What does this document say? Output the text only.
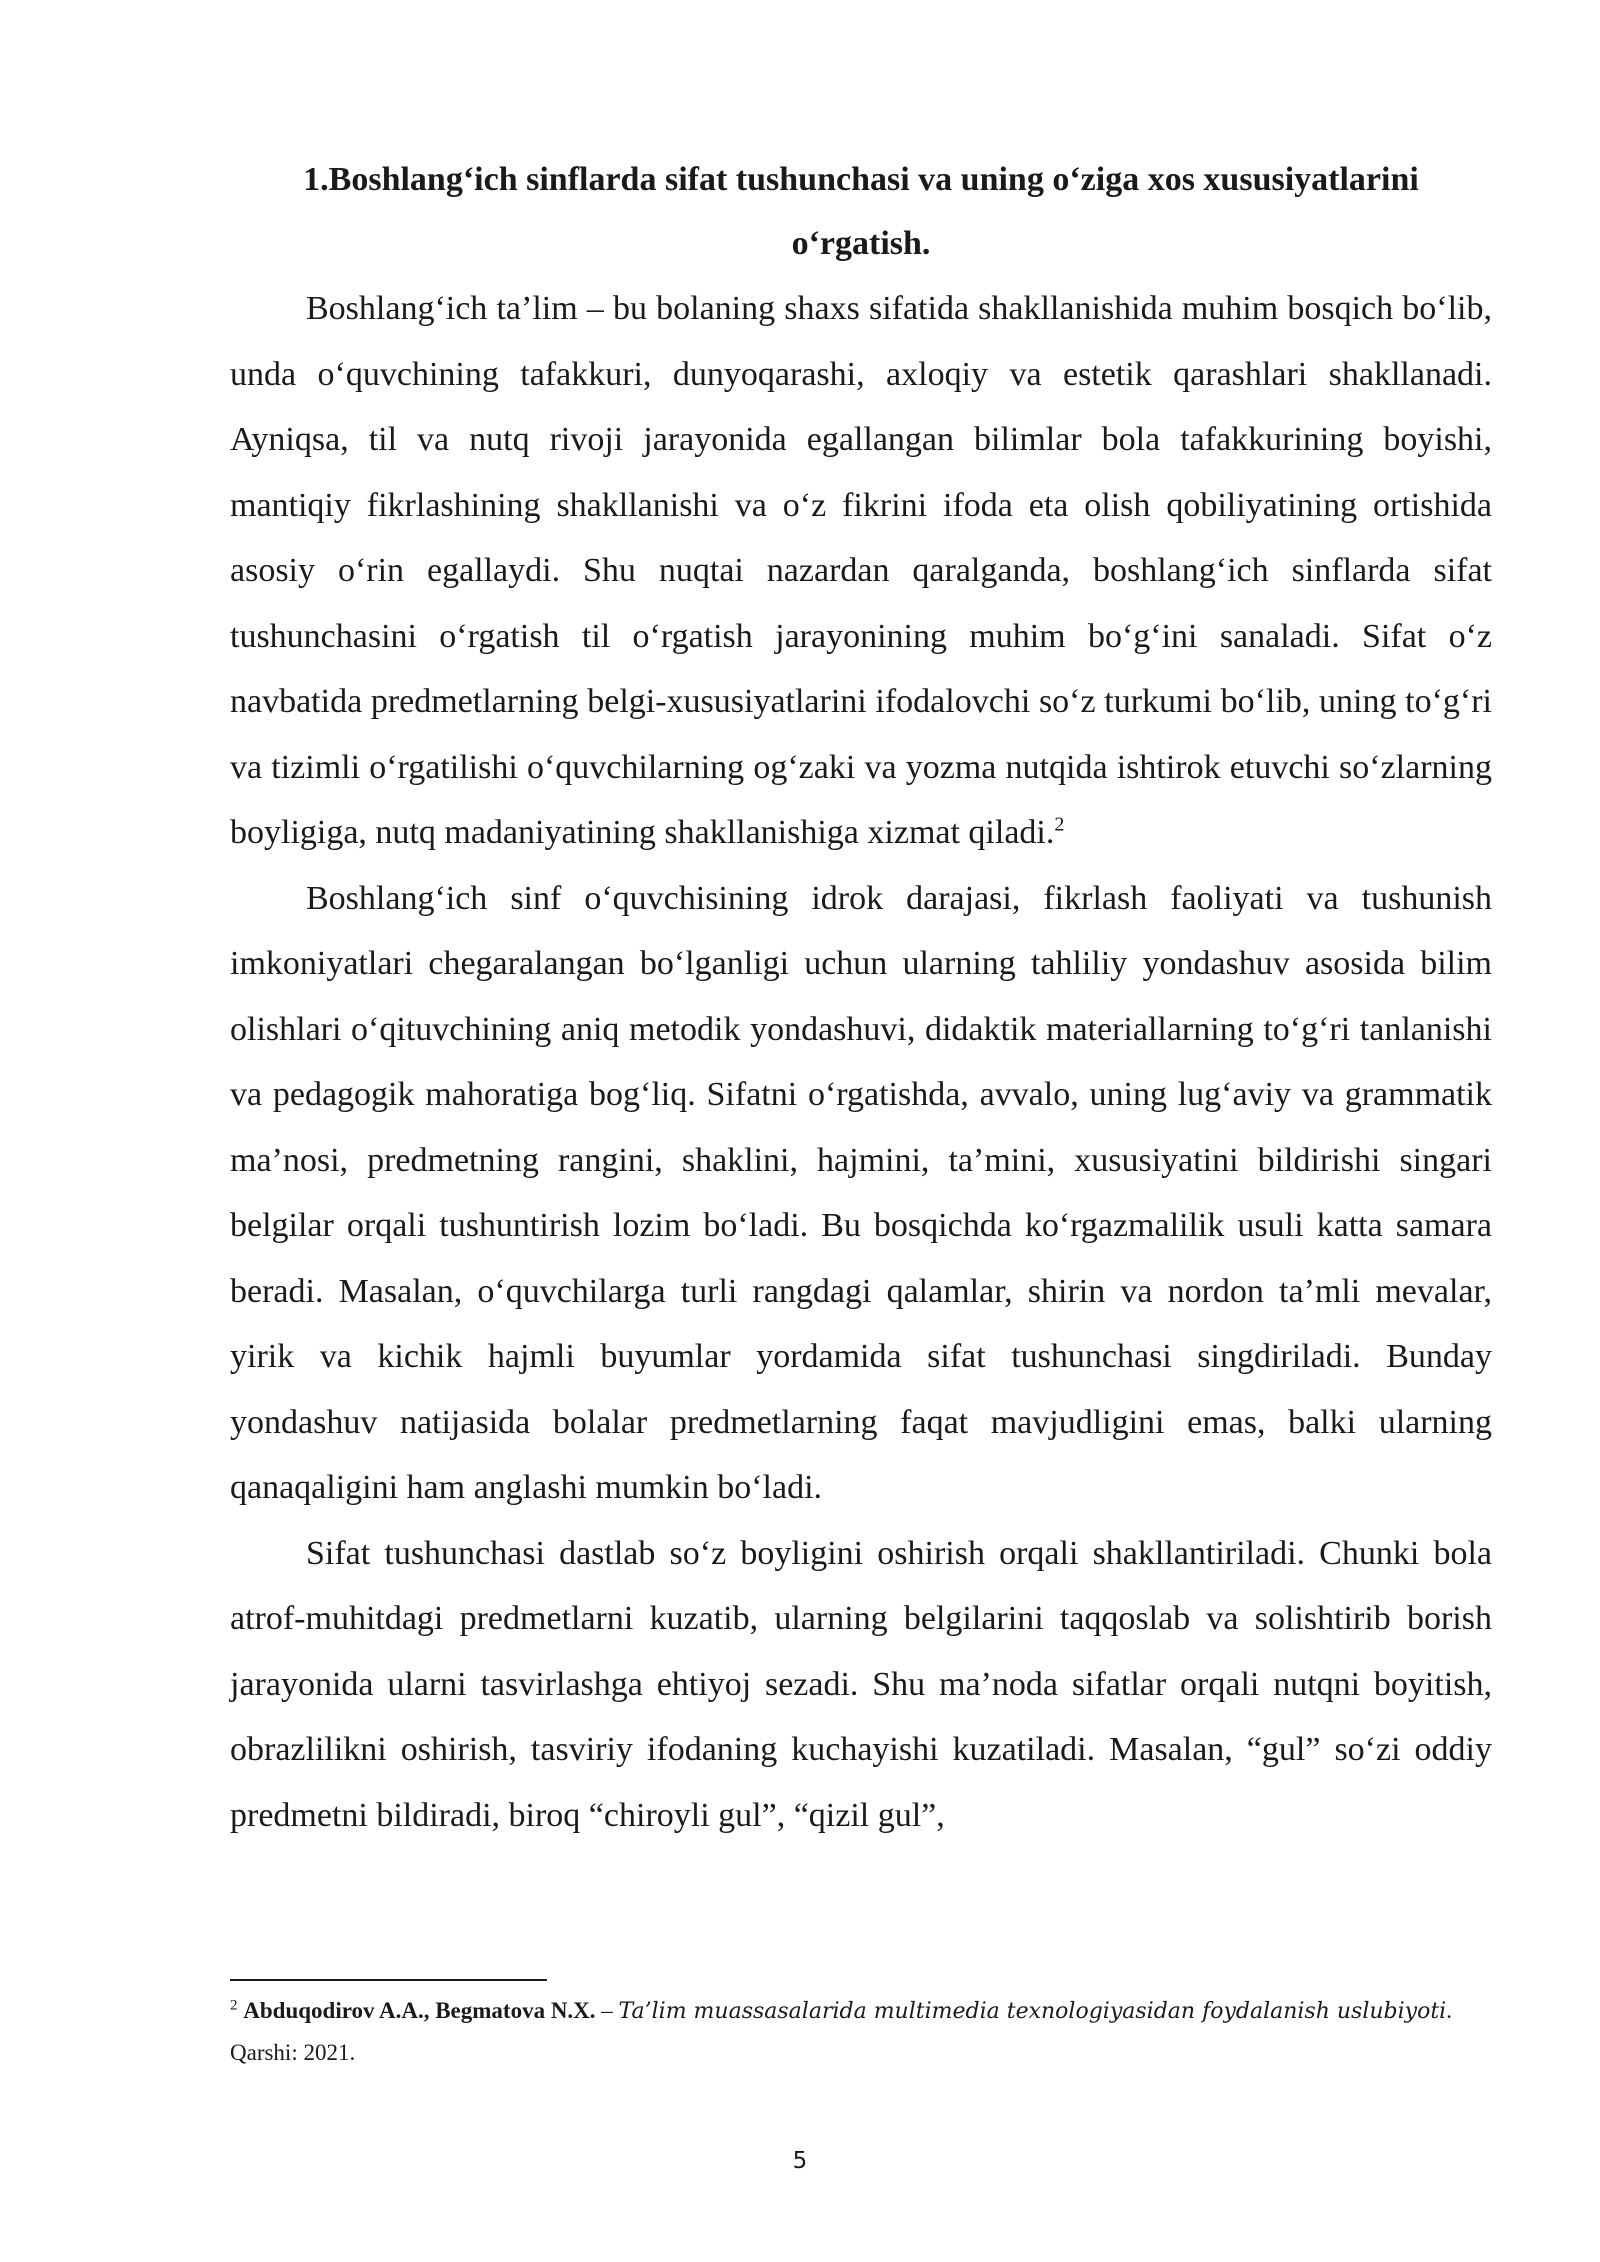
1.Boshlang‘ich sinflarda sifat tushunchasi va uning o‘ziga xos xususiyatlarini o‘rgatish.

Boshlang‘ich ta’lim – bu bolaning shaxs sifatida shakllanishida muhim bosqich bo‘lib, unda o‘quvchining tafakkuri, dunyoqarashi, axloqiy va estetik qarashlari shakllanadi. Ayniqsa, til va nutq rivoji jarayonida egallangan bilimlar bola tafakkurining boyishi, mantiqiy fikrlashining shakllanishi va o‘z fikrini ifoda eta olish qobiliyatining ortishida asosiy o‘rin egallaydi. Shu nuqtai nazardan qaralganda, boshlang‘ich sinflarda sifat tushunchasini o‘rgatish til o‘rgatish jarayonining muhim bo‘g‘ini sanaladi. Sifat o‘z navbatida predmetlarning belgi-xususiyatlarini ifodalovchi so‘z turkumi bo‘lib, uning to‘g‘ri va tizimli o‘rgatilishi o‘quvchilarning og‘zaki va yozma nutqida ishtirok etuvchi so‘zlarning boyligiga, nutq madaniyatining shakllanishiga xizmat qiladi.$^2$

Boshlang‘ich sinf o‘quvchisining idrok darajasi, fikrlash faoliyati va tushunish imkoniyatlari chegaralangan bo‘lganligi uchun ularning tahliliy yondashuv asosida bilim olishlari o‘qituvchining aniq metodik yondashuvi, didaktik materiallarning to‘g‘ri tanlanishi va pedagogik mahoratiga bog‘liq. Sifatni o‘rgatishda, avvalo, uning lug‘aviy va grammatik ma’nosi, predmetning rangini, shaklini, hajmini, ta’mini, xususiyatini bildirishi singari belgilar orqali tushuntirish lozim bo‘ladi. Bu bosqichda ko‘rgazmalilik usuli katta samara beradi. Masalan, o‘quvchilarga turli rangdagi qalamlar, shirin va nordon ta’mli mevalar, yirik va kichik hajmli buyumlar yordamida sifat tushunchasi singdiriladi. Bunday yondashuv natijasida bolalar predmetlarning faqat mavjudligini emas, balki ularning qanaqaligini ham anglashi mumkin bo‘ladi.

Sifat tushunchasi dastlab so‘z boyligini oshirish orqali shakllantiriladi. Chunki bola atrof-muhitdagi predmetlarni kuzatib, ularning belgilarini taqqoslab va solishtirib borish jarayonida ularni tasvirlashga ehtiyoj sezadi. Shu ma’noda sifatlar orqali nutqni boyitish, obrazlilikni oshirish, tasviriy ifodaning kuchayishi kuzatiladi. Masalan, “gul” so‘zi oddiy predmetni bildiradi, biroq “chiroyli gul”, “qizil gul”,

$^2$ Abduqodirov A.A., Begmatova N.X. – Ta’lim muassasalarida multimedia texnologiyasidan foydalanish uslubiyoti.
Qarshi: 2021.

5
